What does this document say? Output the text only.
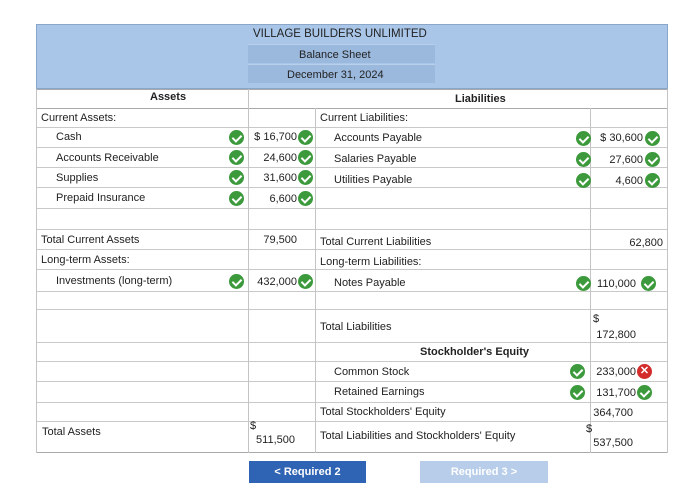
VILLAGE BUILDERS UNLIMITED
Balance Sheet
December 31, 2024
Assets	Liabilities
Current Assets:
Cash
Accounts Receivable
Supplies
Prepaid Insurance
Total Current Assets
Long-term Assets:
Investments (long-term)
Total Assets
$ 16,700
24,600
31,600
6,600
79,500
432,000
$
511,500
Current Liabilities:
Accounts Payable
Salaries Payable
Utilities Payable
Total Current Liabilities
Long-term Liabilities:
Notes Payable
Total Liabilities
$ 30,600
27,600
4,600
62,800
110,000
$
172,800
Stockholder's Equity
Common Stock
Retained Earnings
Total Stockholders' Equity
Total Liabilities and Stockholders' Equity
233,000 ✕
131,700
364,700
$
537,500
< Required 2	Required 3 >
